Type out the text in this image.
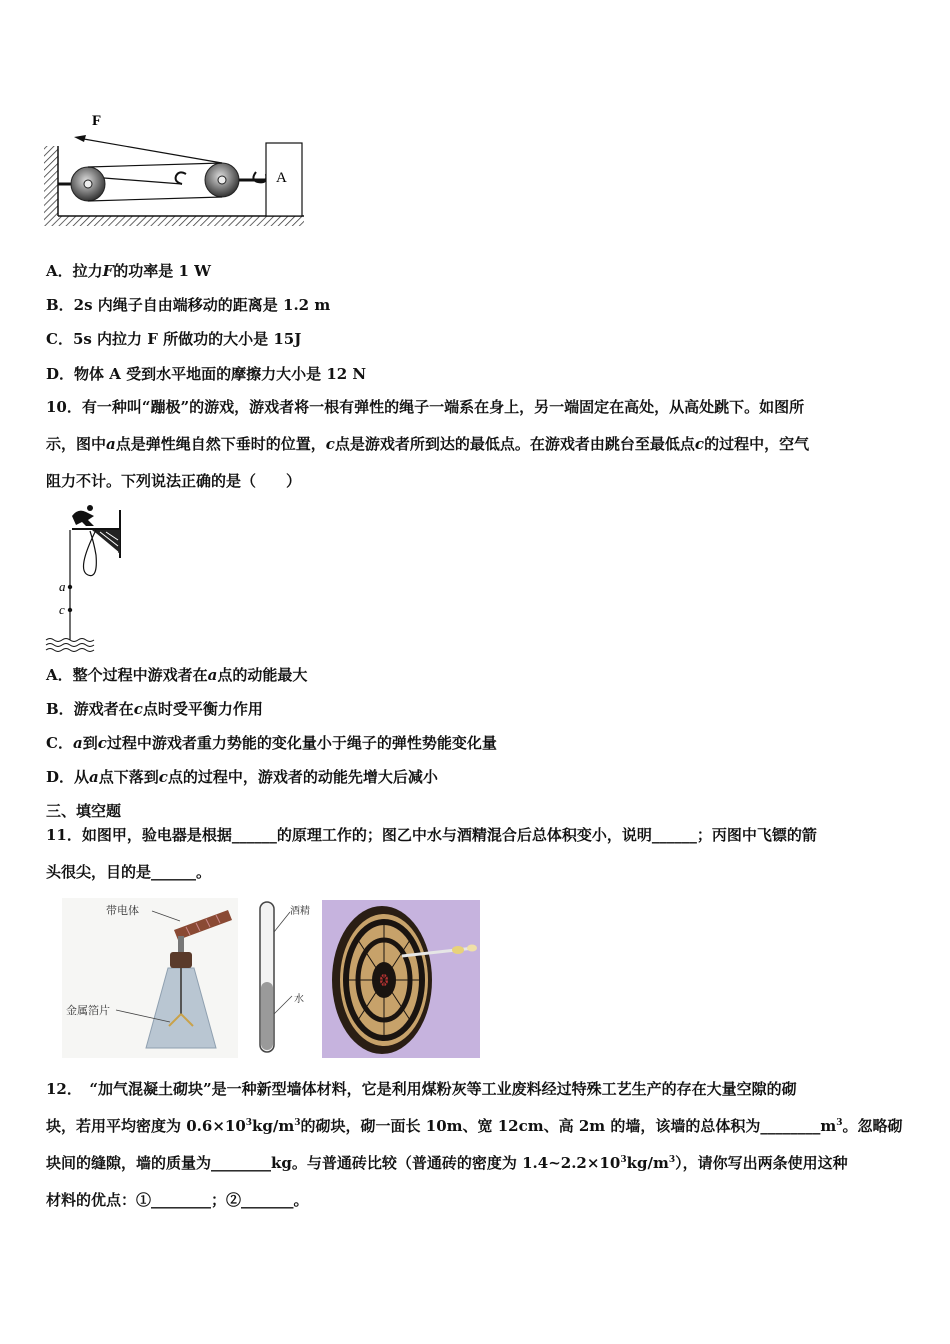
A
F
A．拉力F的功率是 1 W
B．2s 内绳子自由端移动的距离是 1.2 m
C．5s 内拉力 F 所做功的大小是 15J
D．物体 A 受到水平地面的摩擦力大小是 12 N

10．有一种叫“蹦极”的游戏，游戏者将一根有弹性的绳子一端系在身上，另一端固定在高处，从高处跳下。如图所

示，图中a点是弹性绳自然下垂时的位置，c点是游戏者所到达的最低点。在游戏者由跳台至最低点c的过程中，空气

阻力不计。下列说法正确的是（　　）

a
c
A．整个过程中游戏者在a点的动能最大
B．游戏者在c点时受平衡力作用
C．a到c过程中游戏者重力势能的变化量小于绳子的弹性势能变化量
D．从a点下落到c点的过程中，游戏者的动能先增大后减小
三、填空题

11．如图甲，验电器是根据______的原理工作的；图乙中水与酒精混合后总体积变小，说明______；丙图中飞镖的箭

头很尖，目的是______。

带电体
金属箔片
酒精
水

12．　“加气混凝土砌块”是一种新型墙体材料，它是利用煤粉灰等工业废料经过特殊工艺生产的存在大量空隙的砌

块，若用平均密度为 $0.6\times 10^3kg/m^3$的砌块，砌一面长 10m、宽 12cm、高 2m 的墙，该墙的总体积为$\_\_\_\_\_\_\_\_m^3$。忽略砌

块间的缝隙，墙的质量为________kg。与普通砖比较（普通砖的密度为 $1.4\sim 2.2\times 10^3kg/m^3$），请你写出两条使用这种

材料的优点：①________；②_______。
